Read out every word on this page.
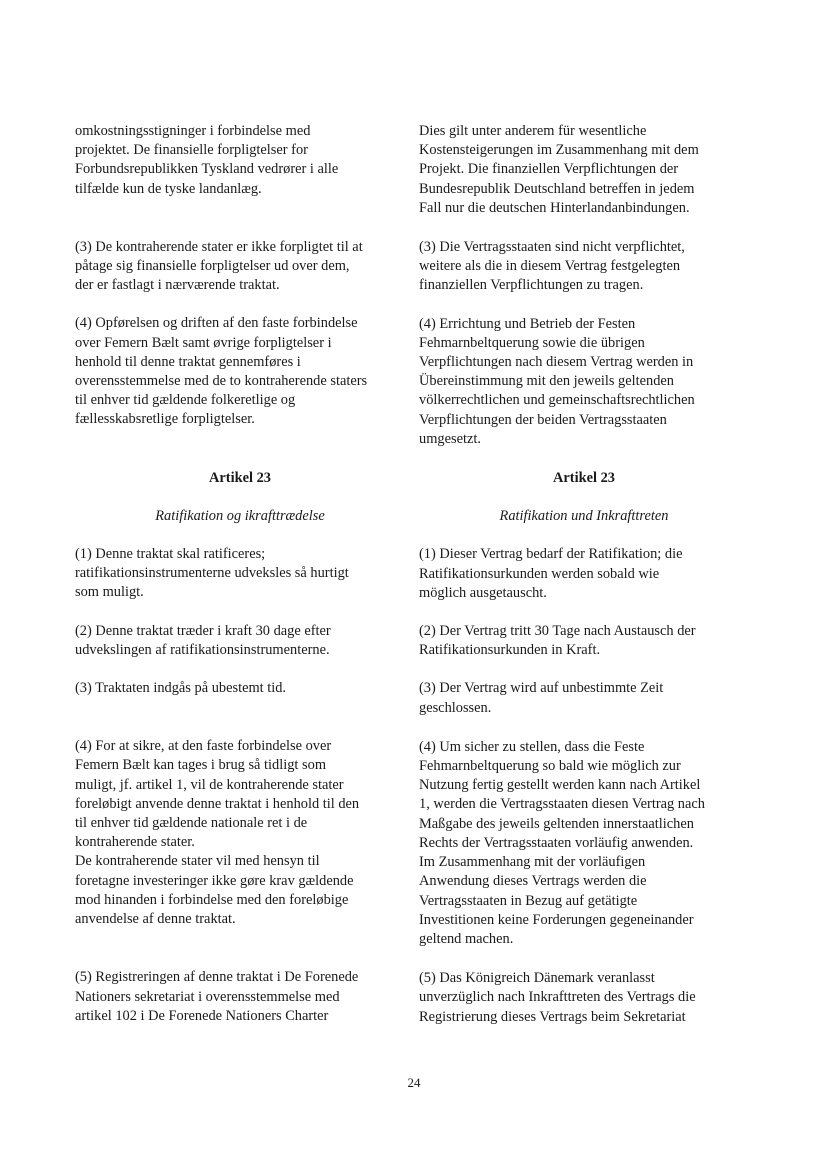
omkostningsstigninger i forbindelse med
projektet. De finansielle forpligtelser for
Forbundsrepublikken Tyskland vedrører i alle
tilfælde kun de tyske landanlæg.

(3) De kontraherende stater er ikke forpligtet til at
påtage sig finansielle forpligtelser ud over dem,
der er fastlagt i nærværende traktat.

(4) Opførelsen og driften af den faste forbindelse
over Femern Bælt samt øvrige forpligtelser i
henhold til denne traktat gennemføres i
overensstemmelse med de to kontraherende staters
til enhver tid gældende folkeretlige og
fællesskabsretlige forpligtelser.

Artikel 23

Ratifikation og ikrafttrædelse

(1) Denne traktat skal ratificeres;
ratifikationsinstrumenterne udveksles så hurtigt
som muligt.

(2) Denne traktat træder i kraft 30 dage efter
udvekslingen af ratifikationsinstrumenterne.

(3) Traktaten indgås på ubestemt tid.

(4) For at sikre, at den faste forbindelse over
Femern Bælt kan tages i brug så tidligt som
muligt, jf. artikel 1, vil de kontraherende stater
foreløbigt anvende denne traktat i henhold til den
til enhver tid gældende nationale ret i de
kontraherende stater.
De kontraherende stater vil med hensyn til
foretagne investeringer ikke gøre krav gældende
mod hinanden i forbindelse med den foreløbige
anvendelse af denne traktat.

(5) Registreringen af denne traktat i De Forenede
Nationers sekretariat i overensstemmelse med
artikel 102 i De Forenede Nationers Charter

Dies gilt unter anderem für wesentliche
Kostensteigerungen im Zusammenhang mit dem
Projekt. Die finanziellen Verpflichtungen der
Bundesrepublik Deutschland betreffen in jedem
Fall nur die deutschen Hinterlandanbindungen.

(3) Die Vertragsstaaten sind nicht verpflichtet,
weitere als die in diesem Vertrag festgelegten
finanziellen Verpflichtungen zu tragen.

(4) Errichtung und Betrieb der Festen
Fehmarnbeltquerung sowie die übrigen
Verpflichtungen nach diesem Vertrag werden in
Übereinstimmung mit den jeweils geltenden
völkerrechtlichen und gemeinschaftsrechtlichen
Verpflichtungen der beiden Vertragsstaaten
umgesetzt.

Artikel 23

Ratifikation und Inkrafttreten

(1) Dieser Vertrag bedarf der Ratifikation; die
Ratifikationsurkunden werden sobald wie
möglich ausgetauscht.

(2) Der Vertrag tritt 30 Tage nach Austausch der
Ratifikationsurkunden in Kraft.

(3) Der Vertrag wird auf unbestimmte Zeit
geschlossen.

(4) Um sicher zu stellen, dass die Feste
Fehmarnbeltquerung so bald wie möglich zur
Nutzung fertig gestellt werden kann nach Artikel
1, werden die Vertragsstaaten diesen Vertrag nach
Maßgabe des jeweils geltenden innerstaatlichen
Rechts der Vertragsstaaten vorläufig anwenden.
Im Zusammenhang mit der vorläufigen
Anwendung dieses Vertrags werden die
Vertragsstaaten in Bezug auf getätigte
Investitionen keine Forderungen gegeneinander
geltend machen.

(5) Das Königreich Dänemark veranlasst
unverzüglich nach Inkrafttreten des Vertrags die
Registrierung dieses Vertrags beim Sekretariat

24
